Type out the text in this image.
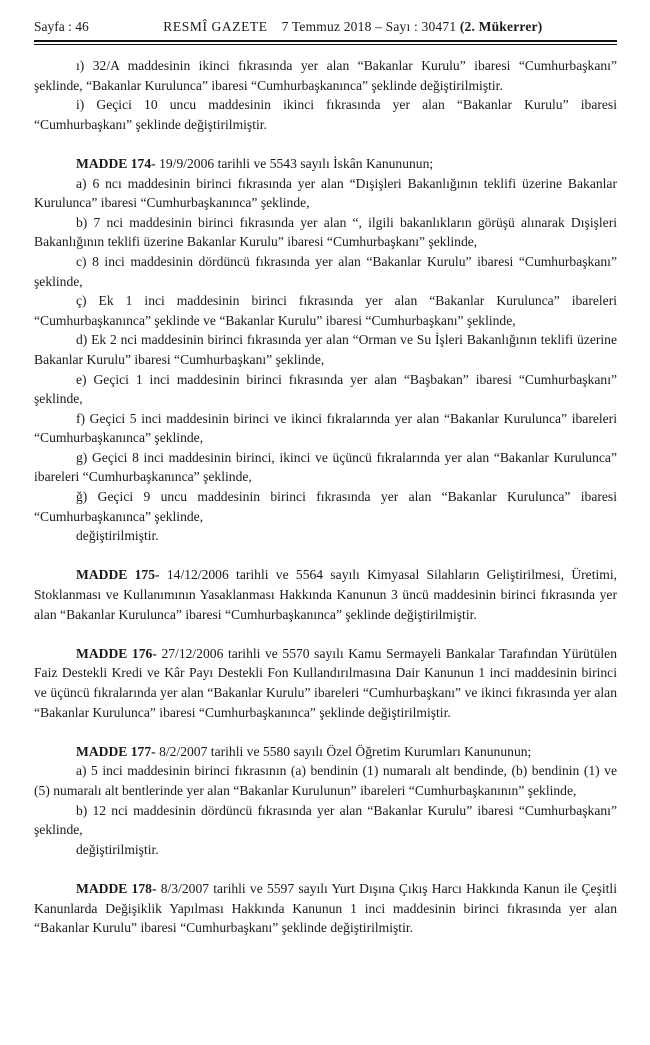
Sayfa : 46	RESMÎ GAZETE 7 Temmuz 2018 – Sayı : 30471 (2. Mükerrer)

ı) 32/A maddesinin ikinci fıkrasında yer alan “Bakanlar Kurulu” ibaresi “Cumhurbaşkanı” şeklinde, “Bakanlar Kurulunca” ibaresi “Cumhurbaşkanınca” şeklinde değiştirilmiştir.

i) Geçici 10 uncu maddesinin ikinci fıkrasında yer alan “Bakanlar Kurulu” ibaresi “Cumhurbaşkanı” şeklinde değiştirilmiştir.

MADDE 174- 19/9/2006 tarihli ve 5543 sayılı İskân Kanununun;

a) 6 ncı maddesinin birinci fıkrasında yer alan “Dışişleri Bakanlığının teklifi üzerine Bakanlar Kurulunca” ibaresi “Cumhurbaşkanınca” şeklinde,

b) 7 nci maddesinin birinci fıkrasında yer alan “, ilgili bakanlıkların görüşü alınarak Dışişleri Bakanlığının teklifi üzerine Bakanlar Kurulu” ibaresi “Cumhurbaşkanı” şeklinde,

c) 8 inci maddesinin dördüncü fıkrasında yer alan “Bakanlar Kurulu” ibaresi “Cumhurbaşkanı” şeklinde,

ç) Ek 1 inci maddesinin birinci fıkrasında yer alan “Bakanlar Kurulunca” ibareleri “Cumhurbaşkanınca” şeklinde ve “Bakanlar Kurulu” ibaresi “Cumhurbaşkanı” şeklinde,

d) Ek 2 nci maddesinin birinci fıkrasında yer alan “Orman ve Su İşleri Bakanlığının teklifi üzerine Bakanlar Kurulu” ibaresi “Cumhurbaşkanı” şeklinde,

e) Geçici 1 inci maddesinin birinci fıkrasında yer alan “Başbakan” ibaresi “Cumhurbaşkanı” şeklinde,

f) Geçici 5 inci maddesinin birinci ve ikinci fıkralarında yer alan “Bakanlar Kurulunca” ibareleri “Cumhurbaşkanınca” şeklinde,

g) Geçici 8 inci maddesinin birinci, ikinci ve üçüncü fıkralarında yer alan “Bakanlar Kurulunca” ibareleri “Cumhurbaşkanınca” şeklinde,

ğ) Geçici 9 uncu maddesinin birinci fıkrasında yer alan “Bakanlar Kurulunca” ibaresi “Cumhurbaşkanınca” şeklinde,

değiştirilmiştir.

MADDE 175- 14/12/2006 tarihli ve 5564 sayılı Kimyasal Silahların Geliştirilmesi, Üretimi, Stoklanması ve Kullanımının Yasaklanması Hakkında Kanunun 3 üncü maddesinin birinci fıkrasında yer alan “Bakanlar Kurulunca” ibaresi “Cumhurbaşkanınca” şeklinde değiştirilmiştir.

MADDE 176- 27/12/2006 tarihli ve 5570 sayılı Kamu Sermayeli Bankalar Tarafından Yürütülen Faiz Destekli Kredi ve Kâr Payı Destekli Fon Kullandırılmasına Dair Kanunun 1 inci maddesinin birinci ve üçüncü fıkralarında yer alan “Bakanlar Kurulu” ibareleri “Cumhurbaşkanı” ve ikinci fıkrasında yer alan “Bakanlar Kurulunca” ibaresi “Cumhurbaşkanınca” şeklinde değiştirilmiştir.

MADDE 177- 8/2/2007 tarihli ve 5580 sayılı Özel Öğretim Kurumları Kanununun;

a) 5 inci maddesinin birinci fıkrasının (a) bendinin (1) numaralı alt bendinde, (b) bendinin (1) ve (5) numaralı alt bentlerinde yer alan “Bakanlar Kurulunun” ibareleri “Cumhurbaşkanının” şeklinde,

b) 12 nci maddesinin dördüncü fıkrasında yer alan “Bakanlar Kurulu” ibaresi “Cumhurbaşkanı” şeklinde,

değiştirilmiştir.

MADDE 178- 8/3/2007 tarihli ve 5597 sayılı Yurt Dışına Çıkış Harcı Hakkında Kanun ile Çeşitli Kanunlarda Değişiklik Yapılması Hakkında Kanunun 1 inci maddesinin birinci fıkrasında yer alan “Bakanlar Kurulu” ibaresi “Cumhurbaşkanı” şeklinde değiştirilmiştir.
